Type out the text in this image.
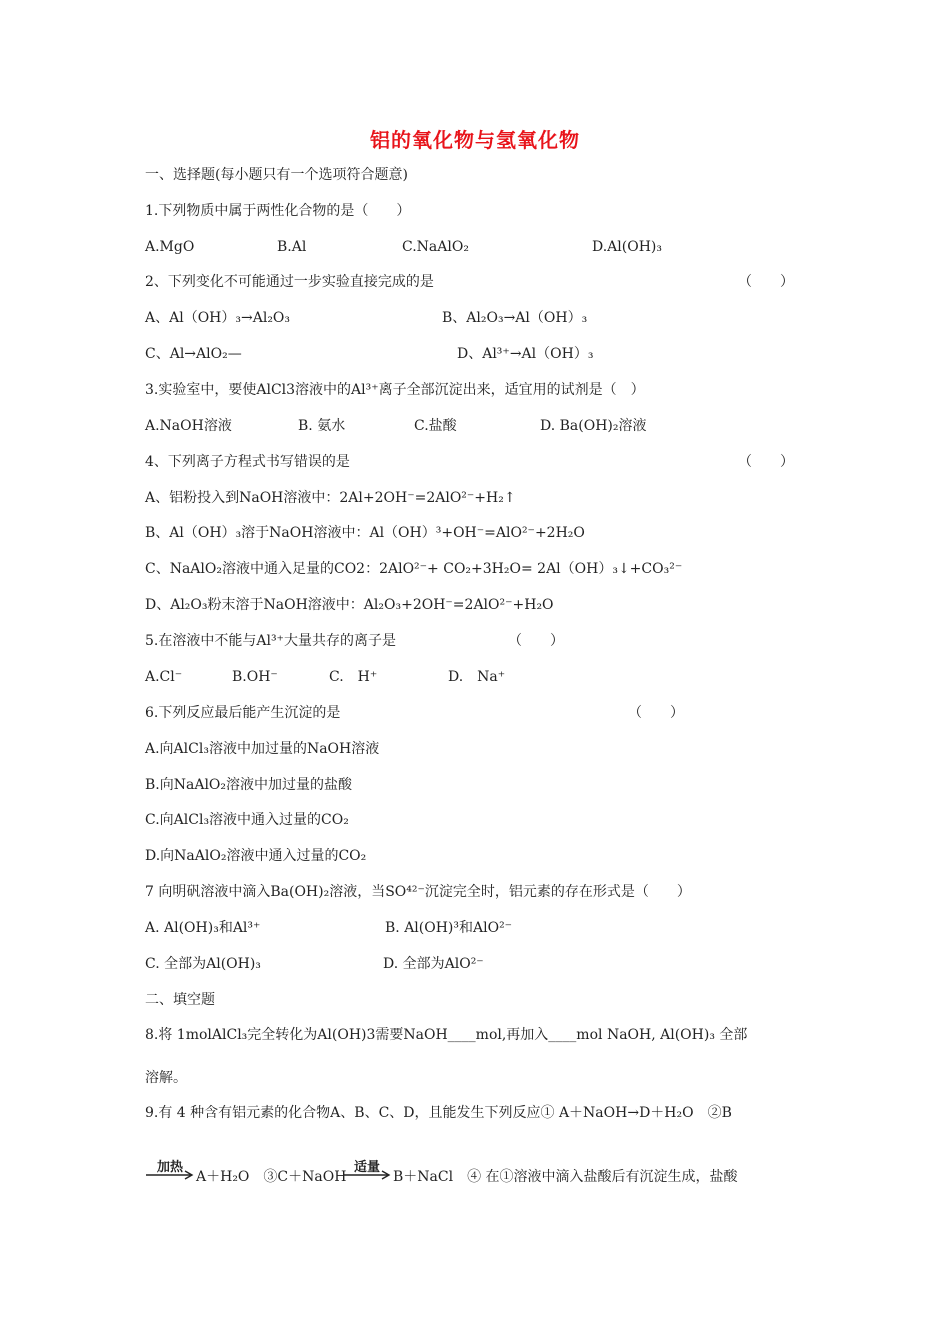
铝的氧化物与氢氧化物
一、选择题(每小题只有一个选项符合题意)
1.下列物质中属于两性化合物的是（　　）
A.MgO	B.Al	C.NaAlO₂	D.Al(OH)₃
2、下列变化不可能通过一步实验直接完成的是	（　　）
A、Al（OH）₃→Al₂O₃	B、Al₂O₃→Al（OH）₃
C、Al→AlO₂—	D、Al³⁺→Al（OH）₃
3.实验室中，要使AlCl3溶液中的Al³⁺离子全部沉淀出来，适宜用的试剂是（　）
A.NaOH溶液	B. 氨水	C.盐酸	D. Ba(OH)₂溶液
4、下列离子方程式书写错误的是	（　　）
A、铝粉投入到NaOH溶液中：2Al+2OH⁻=2AlO²⁻+H₂↑
B、Al（OH）₃溶于NaOH溶液中：Al（OH）³+OH⁻=AlO²⁻+2H₂O
C、NaAlO₂溶液中通入足量的CO2：2AlO²⁻+ CO₂+3H₂O= 2Al（OH）₃↓+CO₃²⁻
D、Al₂O₃粉末溶于NaOH溶液中：Al₂O₃+2OH⁻=2AlO²⁻+H₂O
5.在溶液中不能与Al³⁺大量共存的离子是	（　　）
A.Cl⁻	B.OH⁻	C.　H⁺	D.　Na⁺
6.下列反应最后能产生沉淀的是	（　　）
A.向AlCl₃溶液中加过量的NaOH溶液
B.向NaAlO₂溶液中加过量的盐酸
C.向AlCl₃溶液中通入过量的CO₂
D.向NaAlO₂溶液中通入过量的CO₂
7 向明矾溶液中滴入Ba(OH)₂溶液，当SO⁴²⁻沉淀完全时，铝元素的存在形式是（　　）
A. Al(OH)₃和Al³⁺	B. Al(OH)³和AlO²⁻
C. 全部为Al(OH)₃	D. 全部为AlO²⁻
二、填空题
8.将 1molAlCl₃完全转化为Al(OH)3需要NaOH____mol,再加入____mol NaOH, Al(OH)₃ 全部
溶解。
9.有 4 种含有铝元素的化合物A、B、C、D，且能发生下列反应① A＋NaOH→D＋H₂O　②B
加热
A＋H₂O　③C＋NaOH
适量
B＋NaCl　④ 在①溶液中滴入盐酸后有沉淀生成，盐酸
